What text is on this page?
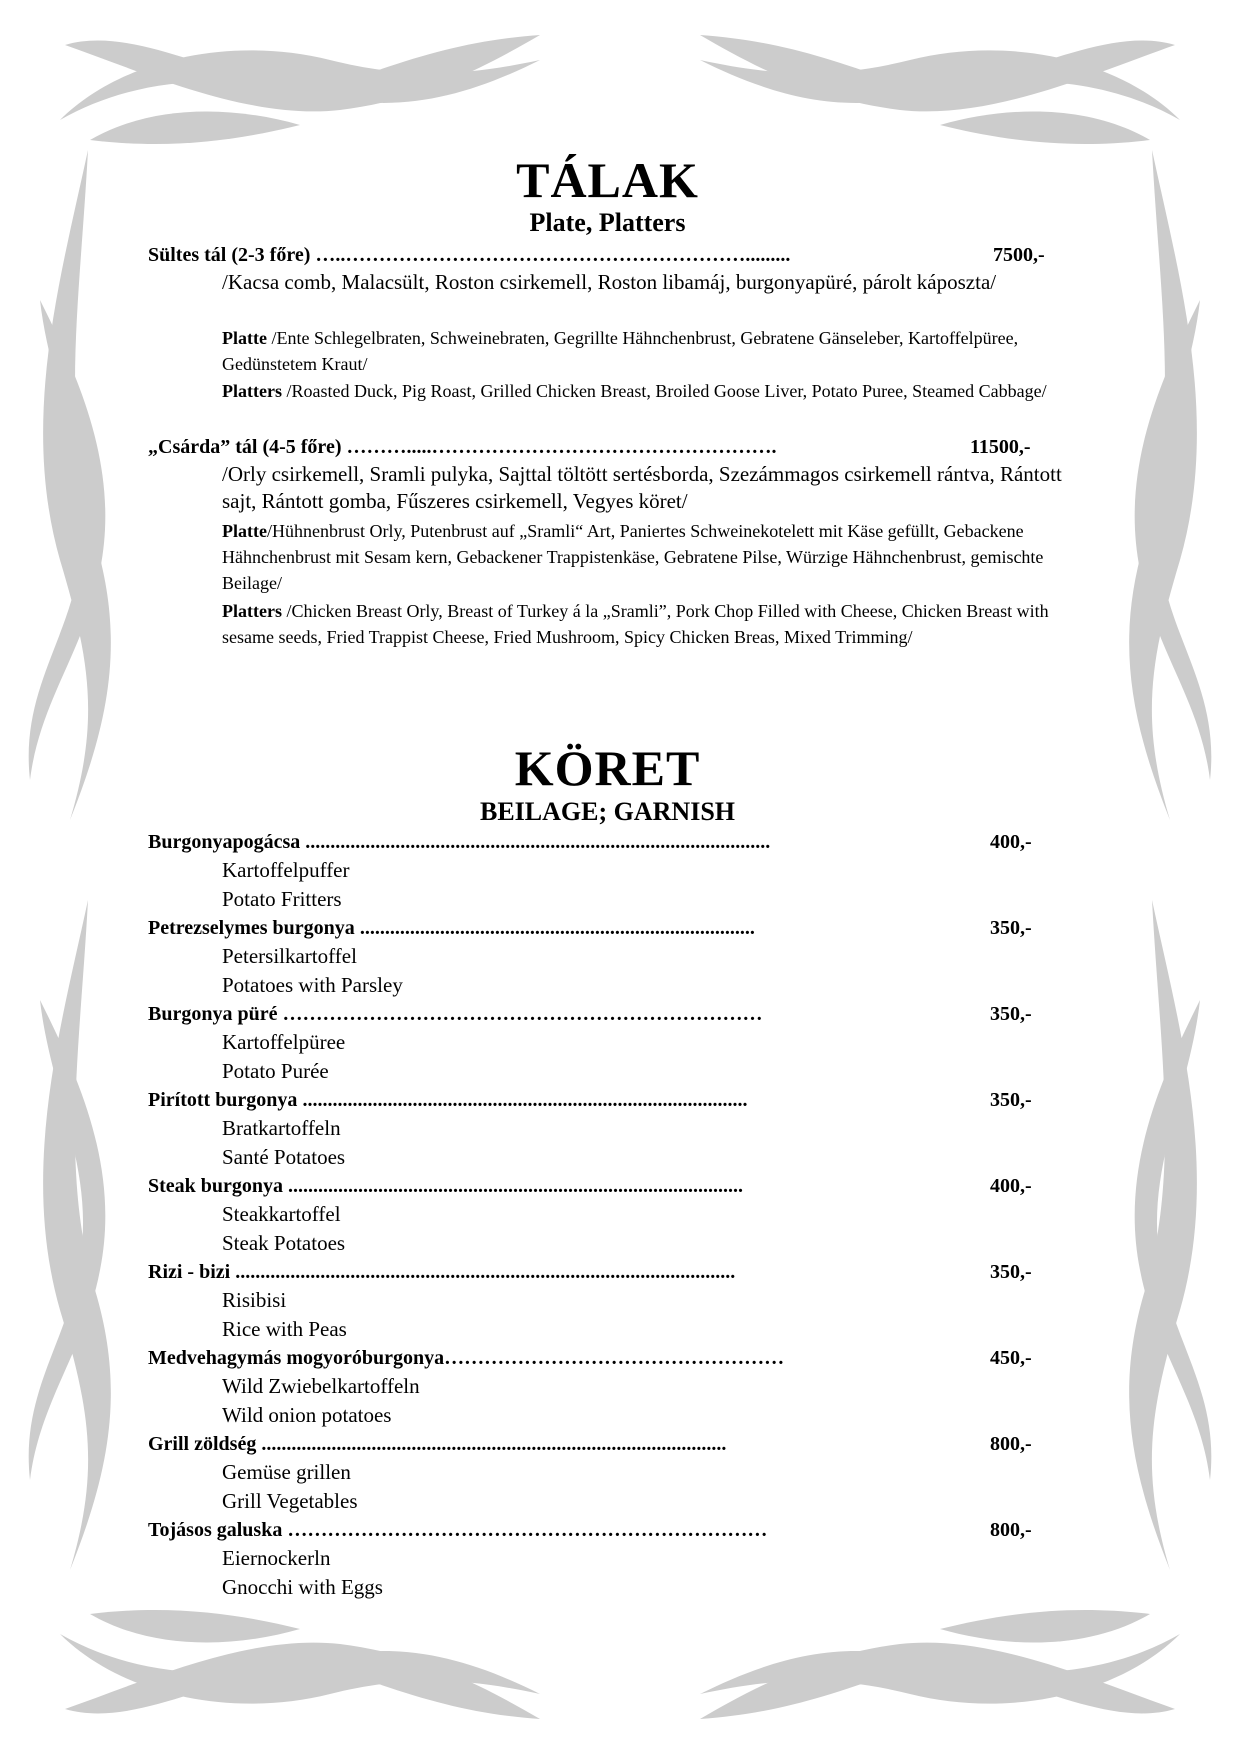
TÁLAK
Plate, Platters
Sültes tál (2-3 főre) …..…………………………………………………….........	7500,-
/Kacsa comb, Malacsült, Roston csirkemell, Roston libamáj, burgonyapüré, párolt káposzta/
Platte /Ente Schlegelbraten, Schweinebraten, Gegrillte Hähnchenbrust, Gebratene Gänseleber, Kartoffelpüree, Gedünstetem Kraut/
Platters /Roasted Duck, Pig Roast, Grilled Chicken Breast, Broiled Goose Liver, Potato Puree, Steamed Cabbage/
„Csárda” tál (4-5 főre) ……….....…………………………………………….	11500,-
/Orly csirkemell, Sramli pulyka, Sajttal töltött sertésborda, Szezámmagos csirkemell rántva, Rántott sajt, Rántott gomba, Fűszeres csirkemell, Vegyes köret/
Platte/Hühnenbrust Orly, Putenbrust auf „Sramli“ Art, Paniertes Schweinekotelett mit Käse gefüllt, Gebackene Hähnchenbrust mit Sesam kern, Gebackener Trappistenkäse, Gebratene Pilse, Würzige Hähnchenbrust, gemischte Beilage/
Platters /Chicken Breast Orly, Breast of Turkey á la „Sramli”, Pork Chop Filled with Cheese, Chicken Breast with sesame seeds, Fried Trappist Cheese, Fried Mushroom, Spicy Chicken Breas, Mixed Trimming/
KÖRET
BEILAGE; GARNISH
Burgonyapogácsa .............................................................................................	400,-
Kartoffelpuffer
Potato Fritters
Petrezselymes burgonya ...............................................................................	350,-
Petersilkartoffel
Potatoes with Parsley
Burgonya püré ………………………………………………………………	350,-
Kartoffelpüree
Potato Purée
Pirított burgonya .........................................................................................	350,-
Bratkartoffeln
Santé Potatoes
Steak burgonya ...........................................................................................	400,-
Steakkartoffel
Steak Potatoes
Rizi - bizi ....................................................................................................	350,-
Risibisi
Rice with Peas
Medvehagymás mogyoróburgonya……………………………………………	450,-
Wild Zwiebelkartoffeln
Wild onion potatoes
Grill zöldség .............................................................................................	800,-
Gemüse grillen
Grill Vegetables
Tojásos galuska ………………………………………………………………	800,-
Eiernockerln
Gnocchi with Eggs
